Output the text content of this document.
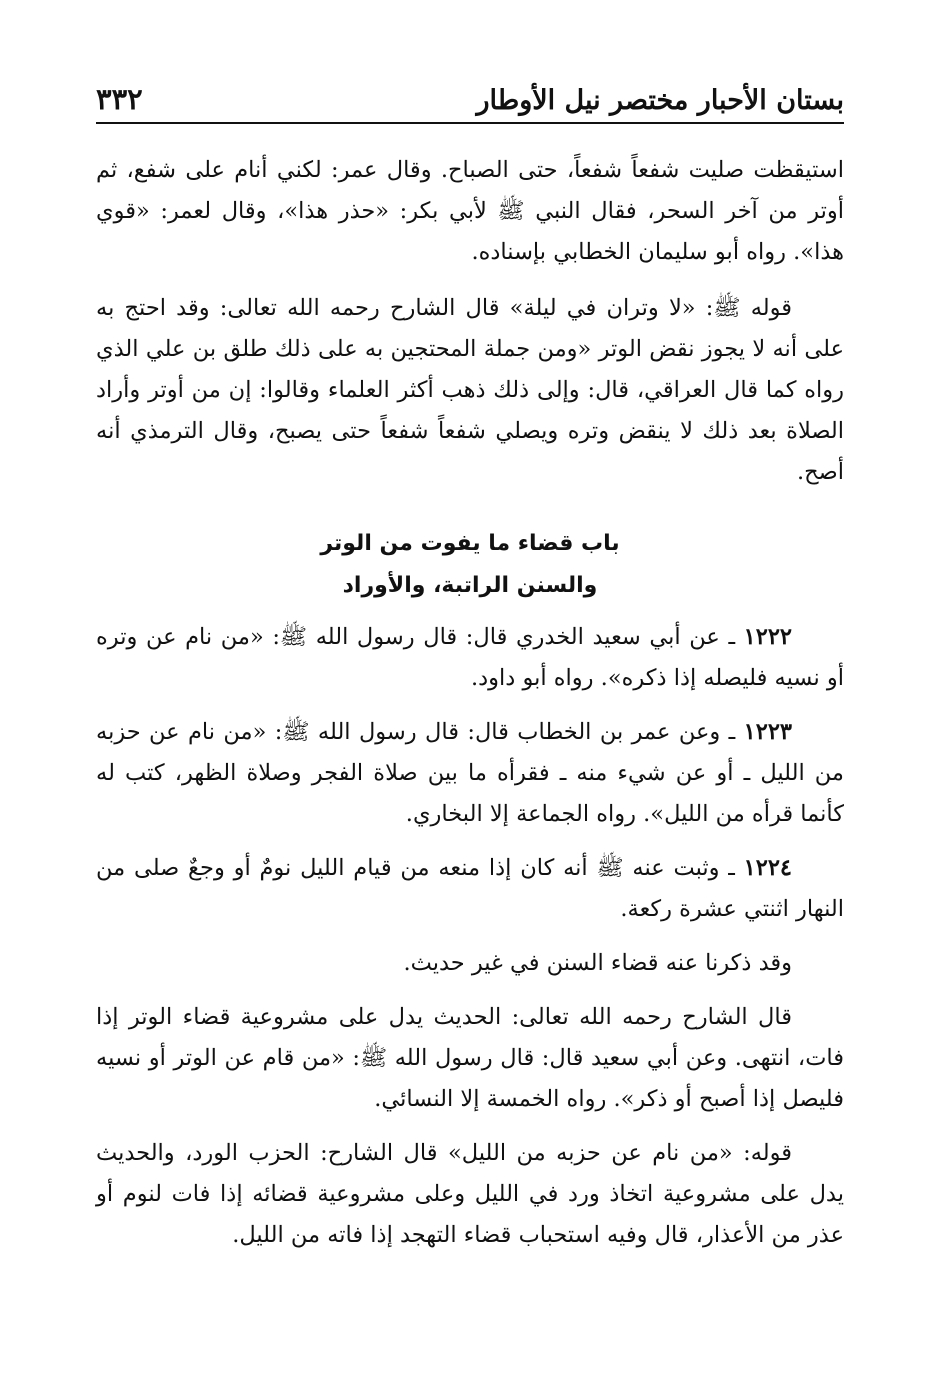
بستان الأحبار مختصر نيل الأوطار
٣٣٢

استيقظت صليت شفعاً شفعاً، حتى الصباح. وقال عمر: لكني أنام على شفع، ثم أوتر من آخر السحر، فقال النبي ﷺ لأبي بكر: «حذر هذا»، وقال لعمر: «قوي هذا». رواه أبو سليمان الخطابي بإسناده.

قوله ﷺ: «لا وتران في ليلة» قال الشارح رحمه الله تعالى: وقد احتج به على أنه لا يجوز نقض الوتر «ومن جملة المحتجين به على ذلك طلق بن علي الذي رواه كما قال العراقي، قال: وإلى ذلك ذهب أكثر العلماء وقالوا: إن من أوتر وأراد الصلاة بعد ذلك لا ينقض وتره ويصلي شفعاً شفعاً حتى يصبح، وقال الترمذي أنه أصح.

باب قضاء ما يفوت من الوتر
والسنن الراتبة، والأوراد

١٢٢٢ ـ عن أبي سعيد الخدري قال: قال رسول الله ﷺ: «من نام عن وتره أو نسيه فليصله إذا ذكره». رواه أبو داود.

١٢٢٣ ـ وعن عمر بن الخطاب قال: قال رسول الله ﷺ: «من نام عن حزبه من الليل ـ أو عن شيء منه ـ فقرأه ما بين صلاة الفجر وصلاة الظهر، كتب له كأنما قرأه من الليل». رواه الجماعة إلا البخاري.

١٢٢٤ ـ وثبت عنه ﷺ أنه كان إذا منعه من قيام الليل نومٌ أو وجعٌ صلى من النهار اثنتي عشرة ركعة.

وقد ذكرنا عنه قضاء السنن في غير حديث.

قال الشارح رحمه الله تعالى: الحديث يدل على مشروعية قضاء الوتر إذا فات، انتهى. وعن أبي سعيد قال: قال رسول الله ﷺ: «من قام عن الوتر أو نسيه فليصل إذا أصبح أو ذكر». رواه الخمسة إلا النسائي.

قوله: «من نام عن حزبه من الليل» قال الشارح: الحزب الورد، والحديث يدل على مشروعية اتخاذ ورد في الليل وعلى مشروعية قضائه إذا فات لنوم أو عذر من الأعذار، قال وفيه استحباب قضاء التهجد إذا فاته من الليل.
